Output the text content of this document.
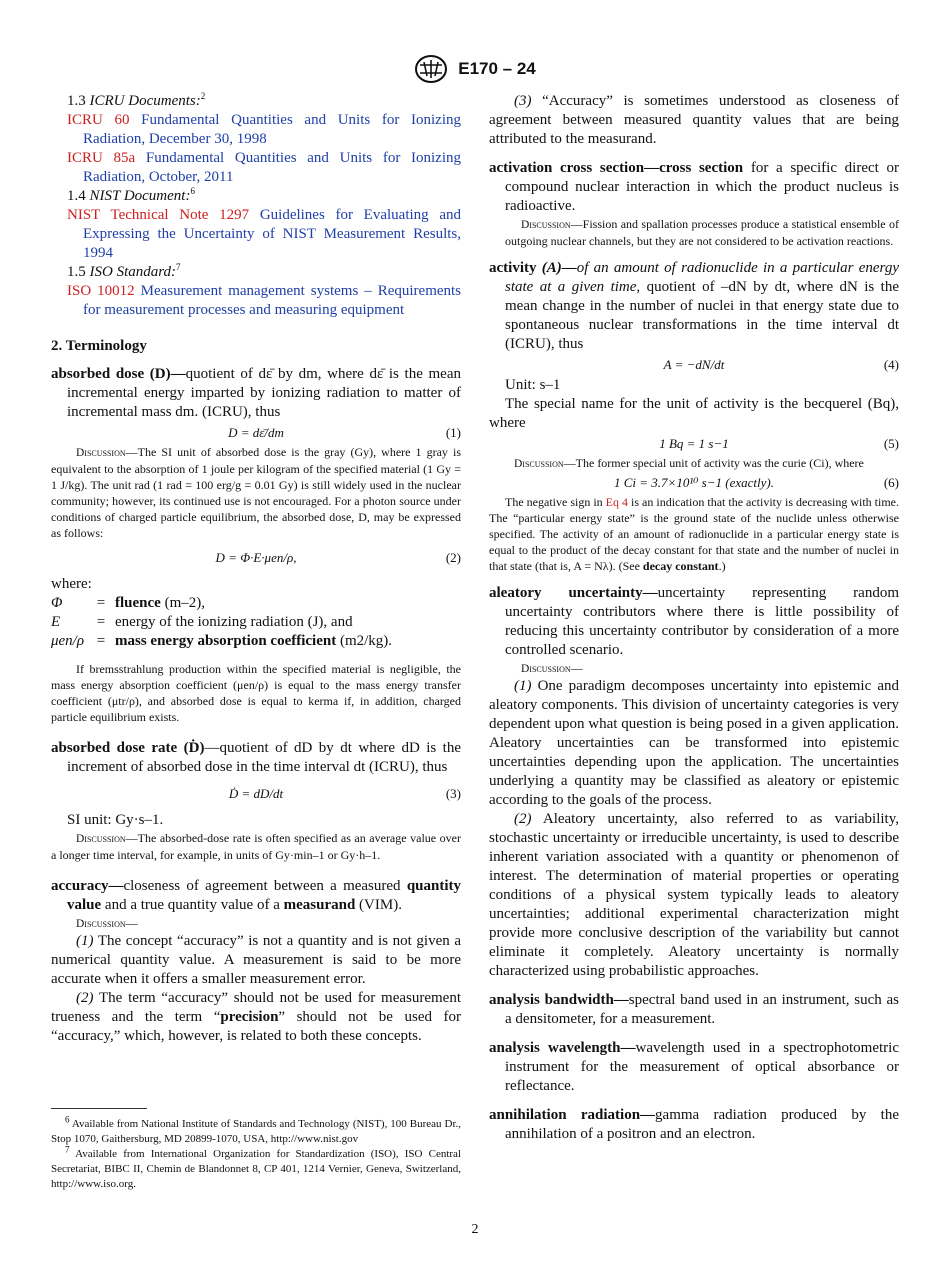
E170 – 24

1.3 ICRU Documents:$^2$

ICRU 60 Fundamental Quantities and Units for Ionizing Radiation, December 30, 1998

ICRU 85a Fundamental Quantities and Units for Ionizing Radiation, October, 2011

1.4 NIST Document:$^6$

NIST Technical Note 1297 Guidelines for Evaluating and Expressing the Uncertainty of NIST Measurement Results, 1994

1.5 ISO Standard:$^7$

ISO 10012 Measurement management systems – Requirements for measurement processes and measuring equipment

2. Terminology

absorbed dose (D)—quotient of dε̄ by dm, where dε̄ is the mean incremental energy imparted by ionizing radiation to matter of incremental mass dm. (ICRU), thus

D = dε̄/dm	(1)

Discussion—The SI unit of absorbed dose is the gray (Gy), where 1 gray is equivalent to the absorption of 1 joule per kilogram of the specified material (1 Gy = 1 J/kg). The unit rad (1 rad = 100 erg/g = 0.01 Gy) is still widely used in the nuclear community; however, its continued use is not encouraged. For a photon source under conditions of charged particle equilibrium, the absorbed dose, D, may be expressed as follows:

D = Φ·E·μen/ρ,	(2)

where:

Φ	= fluence (m–2),
E	= energy of the ionizing radiation (J), and
μen/ρ = mass energy absorption coefficient (m2/kg).

If bremsstrahlung production within the specified material is negligible, the mass energy absorption coefficient (μen/ρ) is equal to the mass energy transfer coefficient (μtr/ρ), and absorbed dose is equal to kerma if, in addition, charged particle equilibrium exists.

absorbed dose rate (Ḋ)—quotient of dD by dt where dD is the increment of absorbed dose in the time interval dt (ICRU), thus

Ḋ = dD/dt	(3)

SI unit: Gy·s–1.

Discussion—The absorbed-dose rate is often specified as an average value over a longer time interval, for example, in units of Gy·min–1 or Gy·h–1.

accuracy—closeness of agreement between a measured quantity value and a true quantity value of a measurand (VIM).

Discussion—

(1) The concept “accuracy” is not a quantity and is not given a numerical quantity value. A measurement is said to be more accurate when it offers a smaller measurement error.

(2) The term “accuracy” should not be used for measurement trueness and the term “precision” should not be used for “accuracy,” which, however, is related to both these concepts.

$^6$ Available from National Institute of Standards and Technology (NIST), 100 Bureau Dr., Stop 1070, Gaithersburg, MD 20899-1070, USA, http://www.nist.gov

$^7$ Available from International Organization for Standardization (ISO), ISO Central Secretariat, BIBC II, Chemin de Blandonnet 8, CP 401, 1214 Vernier, Geneva, Switzerland, http://www.iso.org.

(3) “Accuracy” is sometimes understood as closeness of agreement between measured quantity values that are being attributed to the measurand.

activation cross section—cross section for a specific direct or compound nuclear interaction in which the product nucleus is radioactive.

Discussion—Fission and spallation processes produce a statistical ensemble of outgoing nuclear channels, but they are not considered to be activation reactions.

activity (A)—of an amount of radionuclide in a particular energy state at a given time, quotient of –dN by dt, where dN is the mean change in the number of nuclei in that energy state due to spontaneous nuclear transformations in the time interval dt (ICRU), thus

A = −dN/dt	(4)

Unit: s–1

The special name for the unit of activity is the becquerel (Bq), where

1 Bq = 1 s−1	(5)

Discussion—The former special unit of activity was the curie (Ci), where

1 Ci = 3.7×10¹⁰ s−1 (exactly).	(6)

The negative sign in Eq 4 is an indication that the activity is decreasing with time. The “particular energy state” is the ground state of the nuclide unless otherwise specified. The activity of an amount of radionuclide in a particular energy state is equal to the product of the decay constant for that state and the number of nuclei in that state (that is, A = Nλ). (See decay constant.)

aleatory uncertainty—uncertainty representing random uncertainty contributors where there is little possibility of reducing this uncertainty contributor by consideration of a more controlled scenario.

Discussion—

(1) One paradigm decomposes uncertainty into epistemic and aleatory components. This division of uncertainty categories is very dependent upon what question is being posed in a given application. Aleatory uncertainties can be transformed into epistemic uncertainties depending upon the application. The uncertainties underlying a quantity may be classified as aleatory or epistemic according to the goals of the process.

(2) Aleatory uncertainty, also referred to as variability, stochastic uncertainty or irreducible uncertainty, is used to describe inherent variation associated with a quantity or phenomenon of interest. The determination of material properties or operating conditions of a physical system typically leads to aleatory uncertainties; additional experimental characterization might provide more conclusive description of the variability but cannot eliminate it completely. Aleatory uncertainty is normally characterized using probabilistic approaches.

analysis bandwidth—spectral band used in an instrument, such as a densitometer, for a measurement.

analysis wavelength—wavelength used in a spectrophotometric instrument for the measurement of optical absorbance or reflectance.

annihilation radiation—gamma radiation produced by the annihilation of a positron and an electron.

2
